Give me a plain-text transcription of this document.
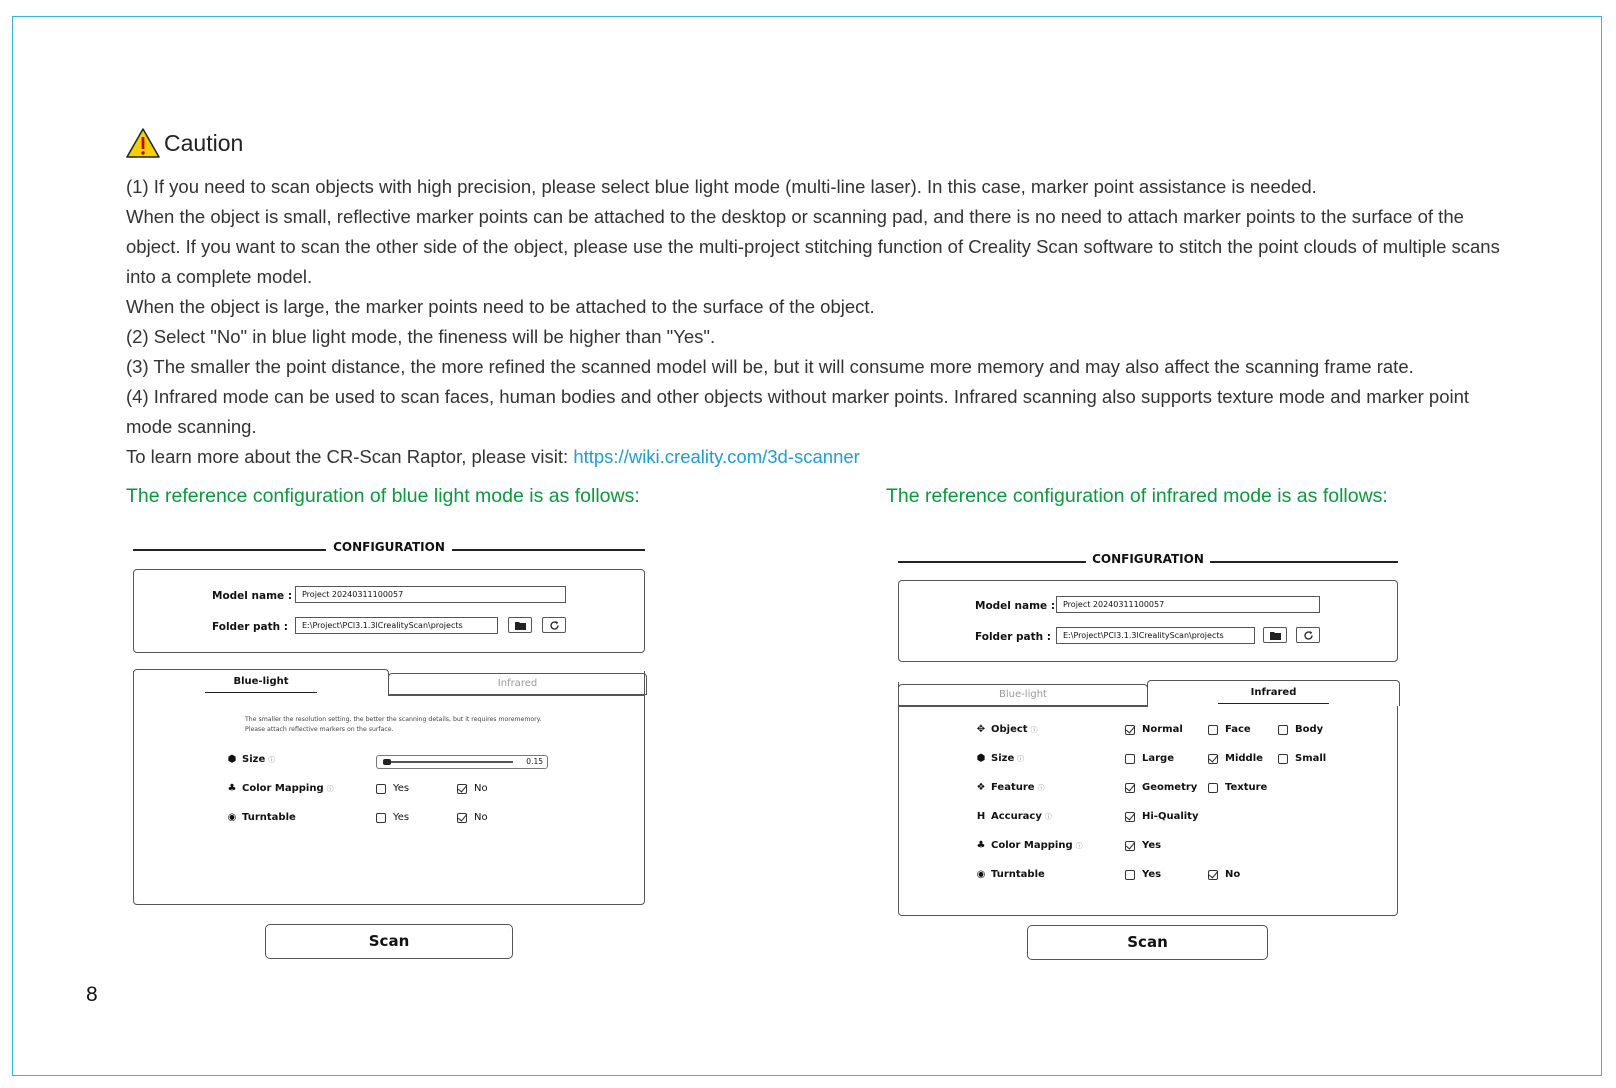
Caution

(1) If you need to scan objects with high precision, please select blue light mode (multi-line laser). In this case, marker point assistance is needed.

When the object is small, reflective marker points can be attached to the desktop or scanning pad, and there is no need to attach marker points to the surface of the object. If you want to scan the other side of the object, please use the multi-project stitching function of Creality Scan software to stitch the point clouds of multiple scans into a complete model.

When the object is large, the marker points need to be attached to the surface of the object.

(2) Select "No" in blue light mode, the fineness will be higher than "Yes".

(3) The smaller the point distance, the more refined the scanned model will be, but it will consume more memory and may also affect the scanning frame rate.

(4) Infrared mode can be used to scan faces, human bodies and other objects without marker points. Infrared scanning also supports texture mode and marker point mode scanning.

To learn more about the CR-Scan Raptor, please visit: https://wiki.creality.com/3d-scanner

The reference configuration of blue light mode is as follows:	The reference configuration of infrared mode is as follows:
CONFIGURATION
Model name :	Project 20240311100057
Folder path :	E:\Project\PCl3.1.3lCrealityScan\projects
Blue-light	Infrared
The smaller the resolution setting, the better the scanning details, but it requires morememory.
Please attach reflective markers on the surface.
⬢ Size ⓘ	0.15
♣ Color Mapping ⓘ	Yes	No
◉ Turntable	Yes	No
Scan
CONFIGURATION
Model name : Project 20240311100057
Folder path :	E:\Project\PCl3.1.3lCrealityScan\projects
Blue-light	Infrared
✥ Object ⓘ	Normal	Face	Body
⬢ Size ⓘ	Large	Middle	Small
❖ Feature ⓘ	Geometry	Texture
H Accuracy ⓘ	Hi-Quality
♣ Color Mapping ⓘ	Yes
◉ Turntable	Yes	No
Scan
8
